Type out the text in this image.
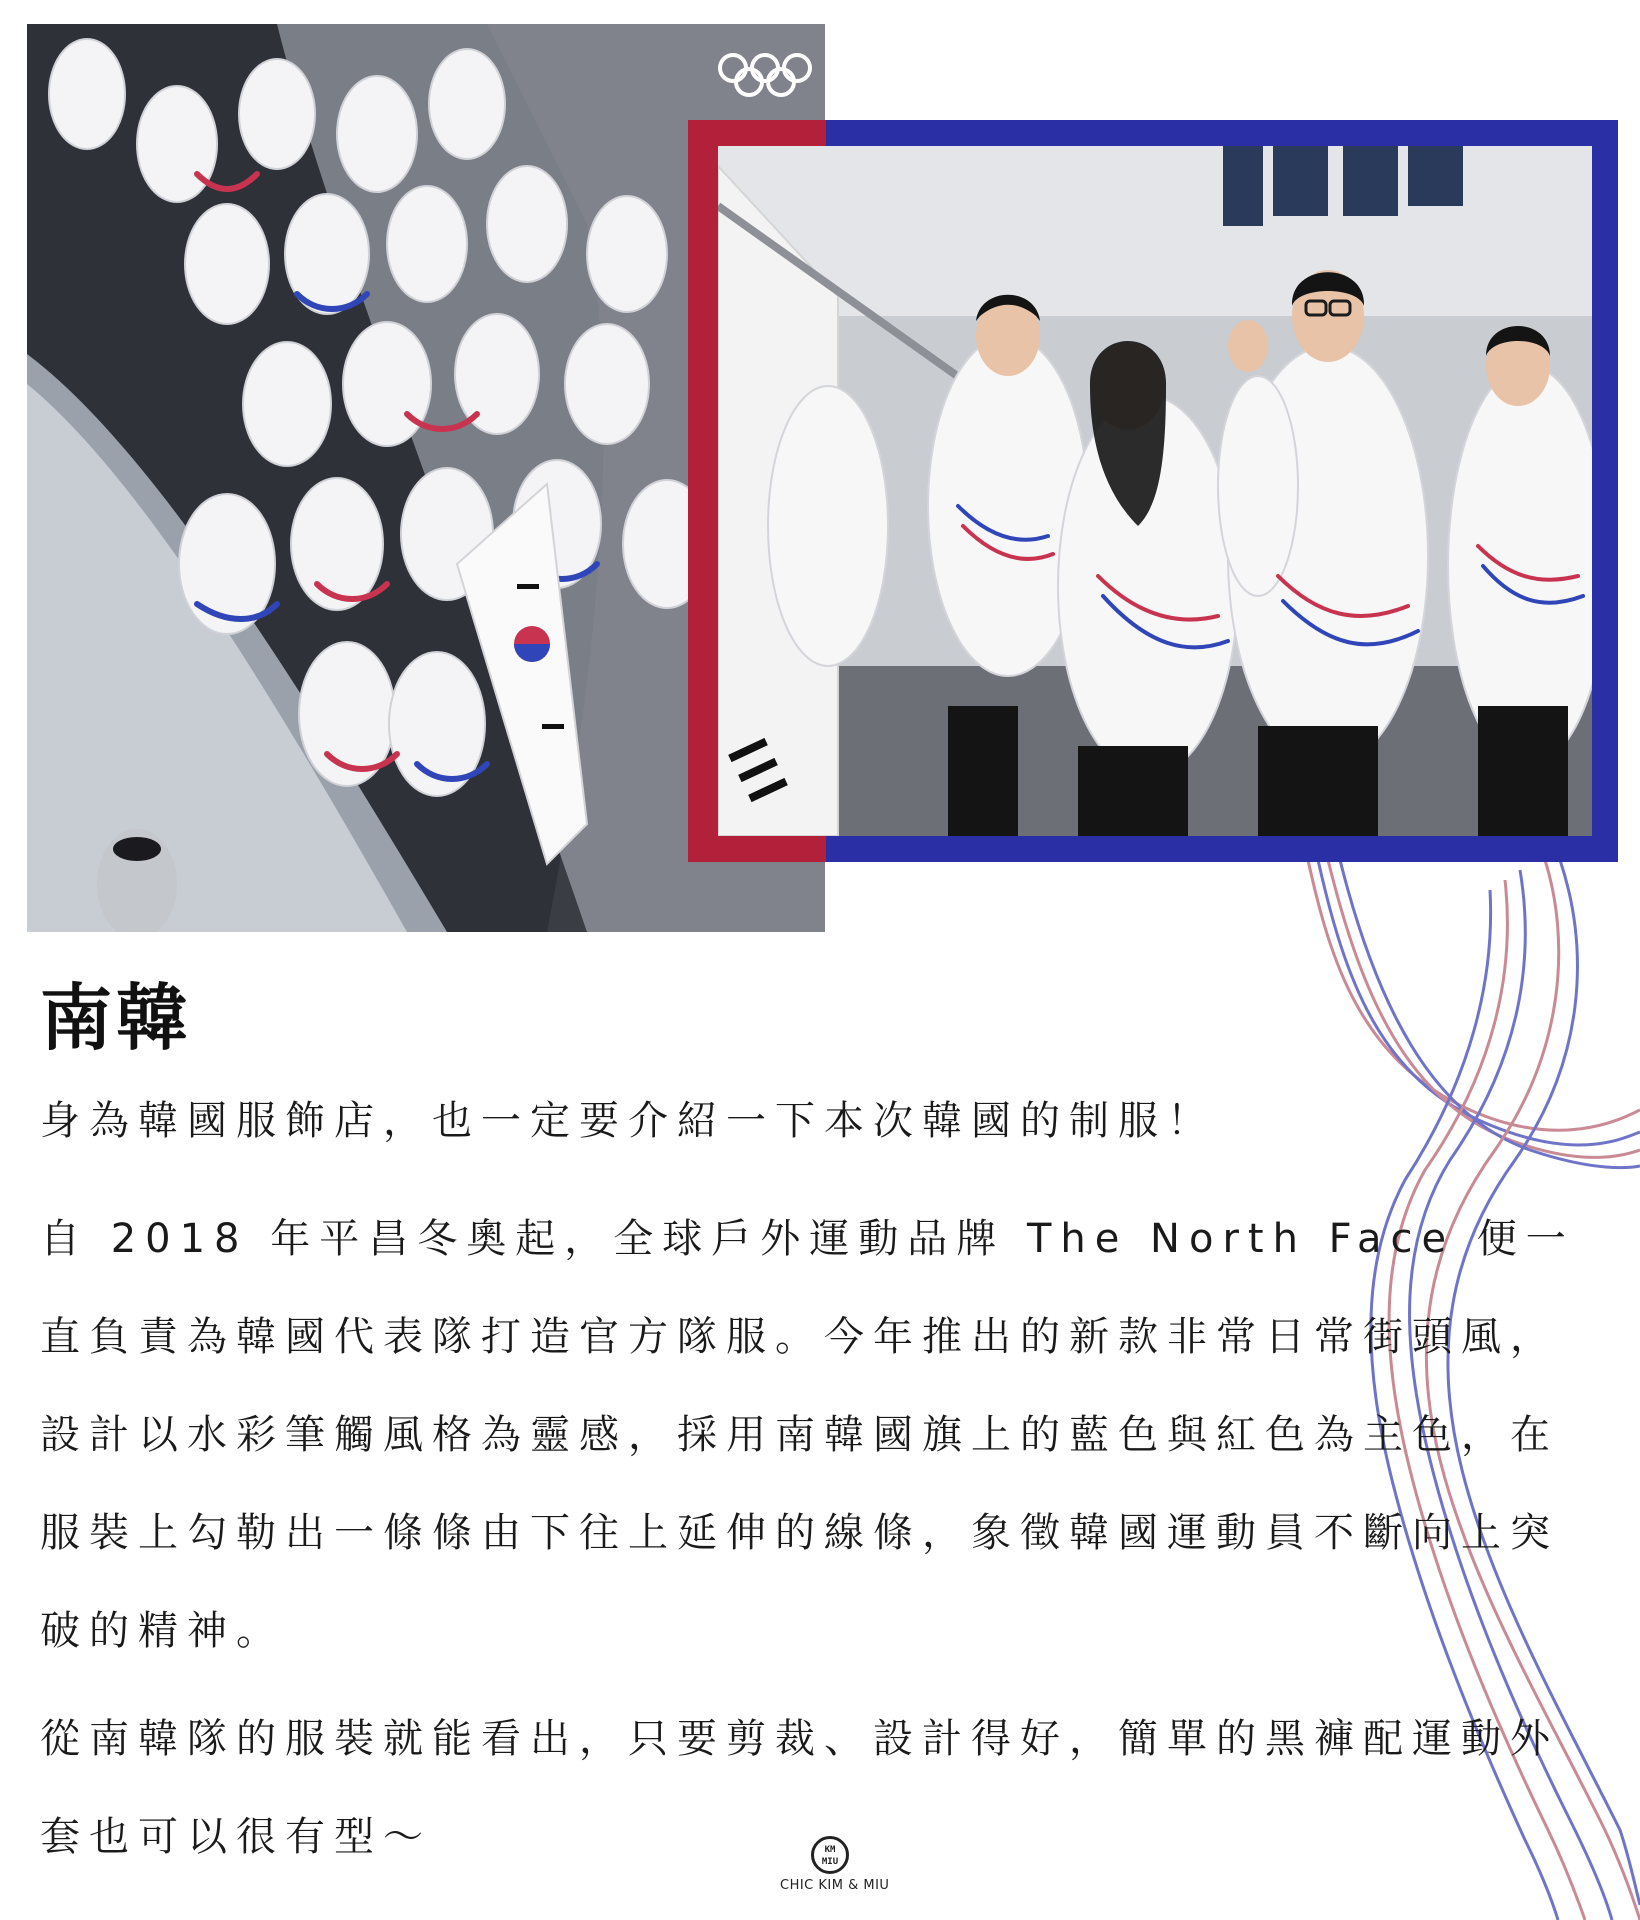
南韓

身為韓國服飾店，也一定要介紹一下本次韓國的制服！

自 2018 年平昌冬奧起，全球戶外運動品牌 The North Face 便一直負責為韓國代表隊打造官方隊服。今年推出的新款非常日常街頭風，設計以水彩筆觸風格為靈感，採用南韓國旗上的藍色與紅色為主色，在服裝上勾勒出一條條由下往上延伸的線條，象徵韓國運動員不斷向上突破的精神。

從南韓隊的服裝就能看出，只要剪裁、設計得好，簡單的黑褲配運動外套也可以很有型～	KM
MIU
CHIC KIM & MIU
